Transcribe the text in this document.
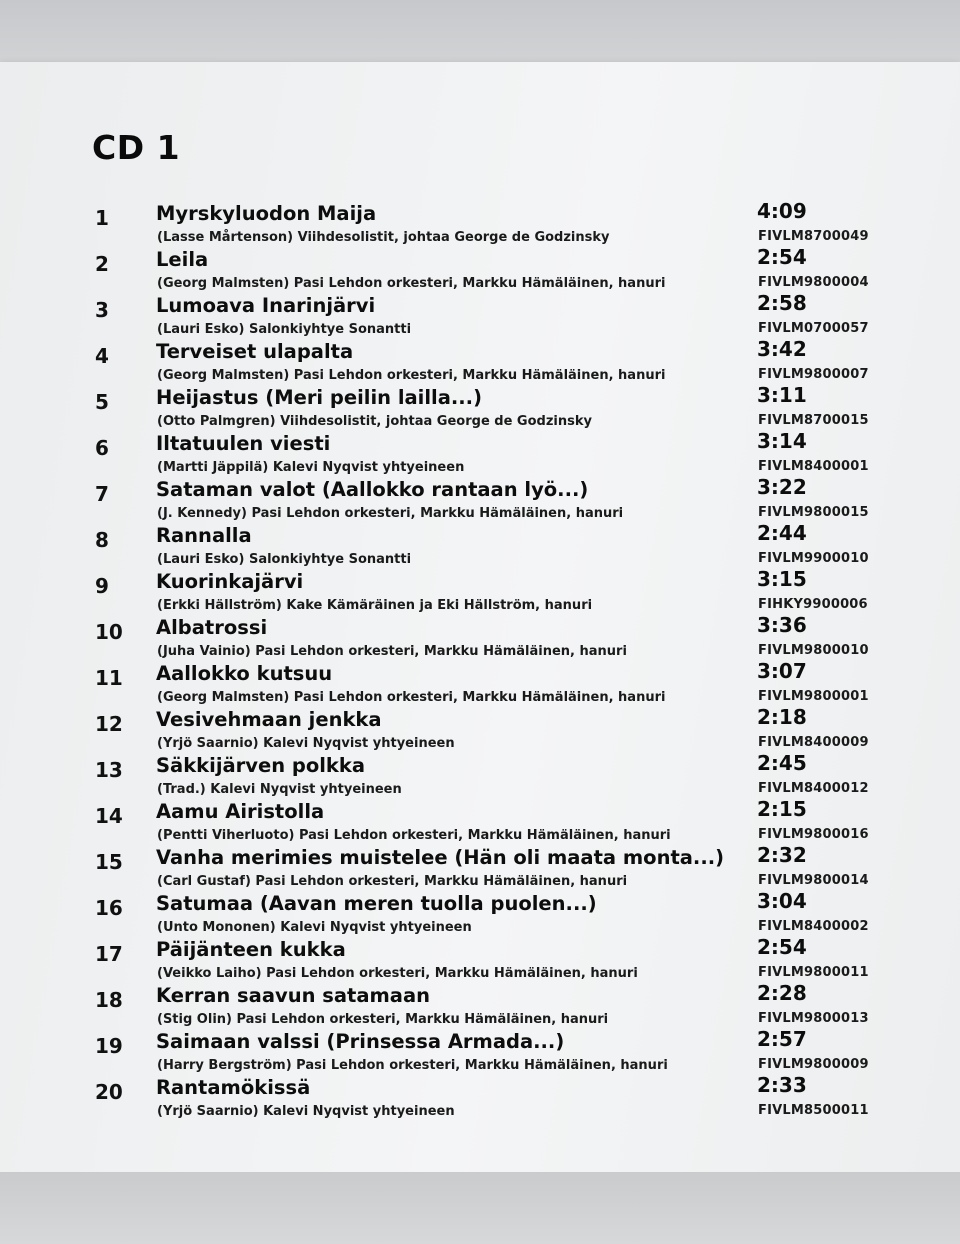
CD 1
1 Myrskyluodon Maija
(Lasse Mårtenson) Viihdesolistit, johtaa George de Godzinsky
4:09
FIVLM8700049
2 Leila
(Georg Malmsten) Pasi Lehdon orkesteri, Markku Hämäläinen, hanuri
2:54
FIVLM9800004
3 Lumoava Inarinjärvi
(Lauri Esko) Salonkiyhtye Sonantti
2:58
FIVLM0700057
4 Terveiset ulapalta
(Georg Malmsten) Pasi Lehdon orkesteri, Markku Hämäläinen, hanuri
3:42
FIVLM9800007
5 Heijastus (Meri peilin lailla...)
(Otto Palmgren) Viihdesolistit, johtaa George de Godzinsky
3:11
FIVLM8700015
6 Iltatuulen viesti
(Martti Jäppilä) Kalevi Nyqvist yhtyeineen
3:14
FIVLM8400001
7 Sataman valot (Aallokko rantaan lyö...)
(J. Kennedy) Pasi Lehdon orkesteri, Markku Hämäläinen, hanuri
3:22
FIVLM9800015
8 Rannalla
(Lauri Esko) Salonkiyhtye Sonantti
2:44
FIVLM9900010
9 Kuorinkajärvi
(Erkki Hällström) Kake Kämäräinen ja Eki Hällström, hanuri
3:15
FIHKY9900006
10 Albatrossi
(Juha Vainio) Pasi Lehdon orkesteri, Markku Hämäläinen, hanuri
3:36
FIVLM9800010
11 Aallokko kutsuu
(Georg Malmsten) Pasi Lehdon orkesteri, Markku Hämäläinen, hanuri
3:07
FIVLM9800001
12 Vesivehmaan jenkka
(Yrjö Saarnio) Kalevi Nyqvist yhtyeineen
2:18
FIVLM8400009
13 Säkkijärven polkka
(Trad.) Kalevi Nyqvist yhtyeineen
2:45
FIVLM8400012
14 Aamu Airistolla
(Pentti Viherluoto) Pasi Lehdon orkesteri, Markku Hämäläinen, hanuri
2:15
FIVLM9800016
15 Vanha merimies muistelee (Hän oli maata monta...)
(Carl Gustaf) Pasi Lehdon orkesteri, Markku Hämäläinen, hanuri
2:32
FIVLM9800014
16 Satumaa (Aavan meren tuolla puolen...)
(Unto Mononen) Kalevi Nyqvist yhtyeineen
3:04
FIVLM8400002
17 Päijänteen kukka
(Veikko Laiho) Pasi Lehdon orkesteri, Markku Hämäläinen, hanuri
2:54
FIVLM9800011
18 Kerran saavun satamaan
(Stig Olin) Pasi Lehdon orkesteri, Markku Hämäläinen, hanuri
2:28
FIVLM9800013
19 Saimaan valssi (Prinsessa Armada...)
(Harry Bergström) Pasi Lehdon orkesteri, Markku Hämäläinen, hanuri
2:57
FIVLM9800009
20 Rantamökissä
(Yrjö Saarnio) Kalevi Nyqvist yhtyeineen
2:33
FIVLM8500011
